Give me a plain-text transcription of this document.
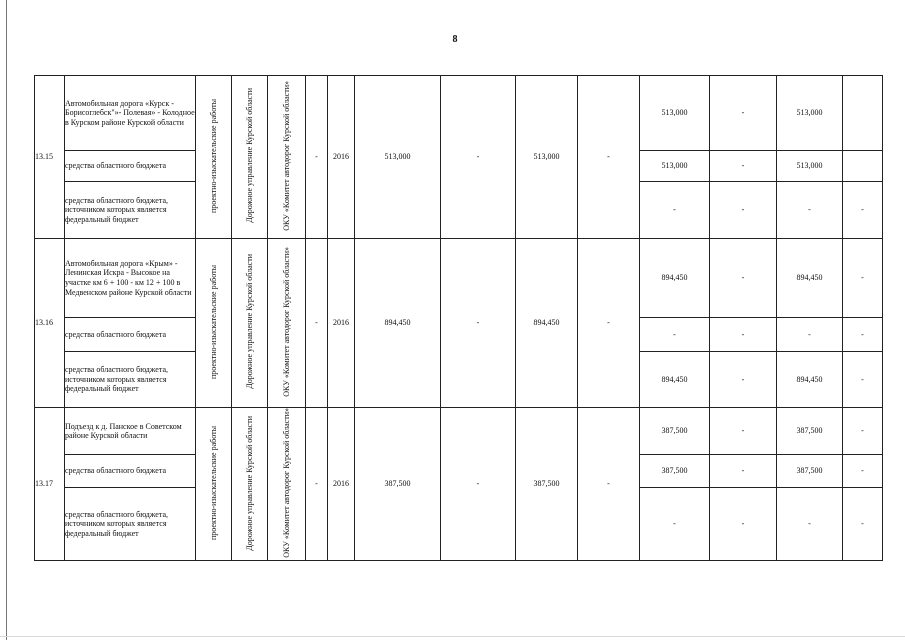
8
13.15	Автомобильная дорога «Курск - Борисоглебск"»- Полевая» - Колодное в Курском районе Курской области	проектно-изыскательские работы	Дорожное управление Курской области	ОКУ «Комитет автодорог Курской области»	-	2016	513,000	-	513,000	-	513,000	-	513,000	
	средства областного бюджета										513,000	-	513,000	
	средства областного бюджета, источником которых является федеральный бюджет										-	-	-	-
13.16	Автомобильная дорога «Крым» - Ленинская Искра - Высокое на участке км 6 + 100 - км 12 + 100 в Медвенском районе Курской области	проектно-изыскательские работы	Дорожное управление Курской области	ОКУ «Комитет автодорог Курской области»	-	2016	894,450	-	894,450	-	894,450	-	894,450	-
	средства областного бюджета										-	-	-	-
	средства областного бюджета, источником которых является федеральный бюджет										894,450	-	894,450	-
13.17	Подъезд к д. Панское в Советском районе Курской области	проектно-изыскательские работы	Дорожное управление Курской области	ОКУ «Комитет автодорог Курской области»	-	2016	387,500	-	387,500	-	387,500	-	387,500	-
	средства областного бюджета										387,500	-	387,500	-
	средства областного бюджета, источником которых является федеральный бюджет										-	-	-	-
